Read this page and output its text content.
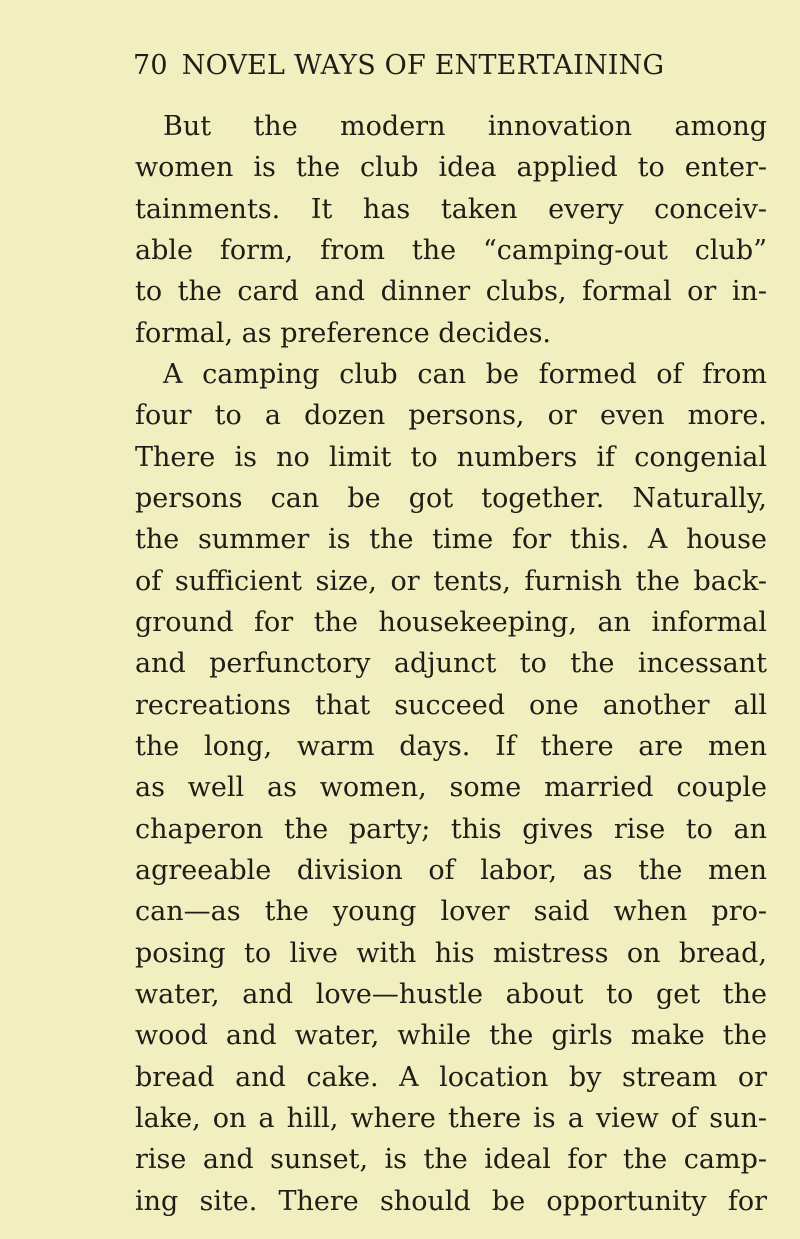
70 NOVEL WAYS OF ENTERTAINING
But the modern innovation among
women is the club idea applied to enter-
tainments. It has taken every conceiv-
able form, from the “camping-out club”
to the card and dinner clubs, formal or in-
formal, as preference decides.
A camping club can be formed of from
four to a dozen persons, or even more.
There is no limit to numbers if congenial
persons can be got together. Naturally,
the summer is the time for this. A house
of sufficient size, or tents, furnish the back-
ground for the housekeeping, an informal
and perfunctory adjunct to the incessant
recreations that succeed one another all
the long, warm days. If there are men
as well as women, some married couple
chaperon the party; this gives rise to an
agreeable division of labor, as the men
can—as the young lover said when pro-
posing to live with his mistress on bread,
water, and love—hustle about to get the
wood and water, while the girls make the
bread and cake. A location by stream or
lake, on a hill, where there is a view of sun-
rise and sunset, is the ideal for the camp-
ing site. There should be opportunity for
